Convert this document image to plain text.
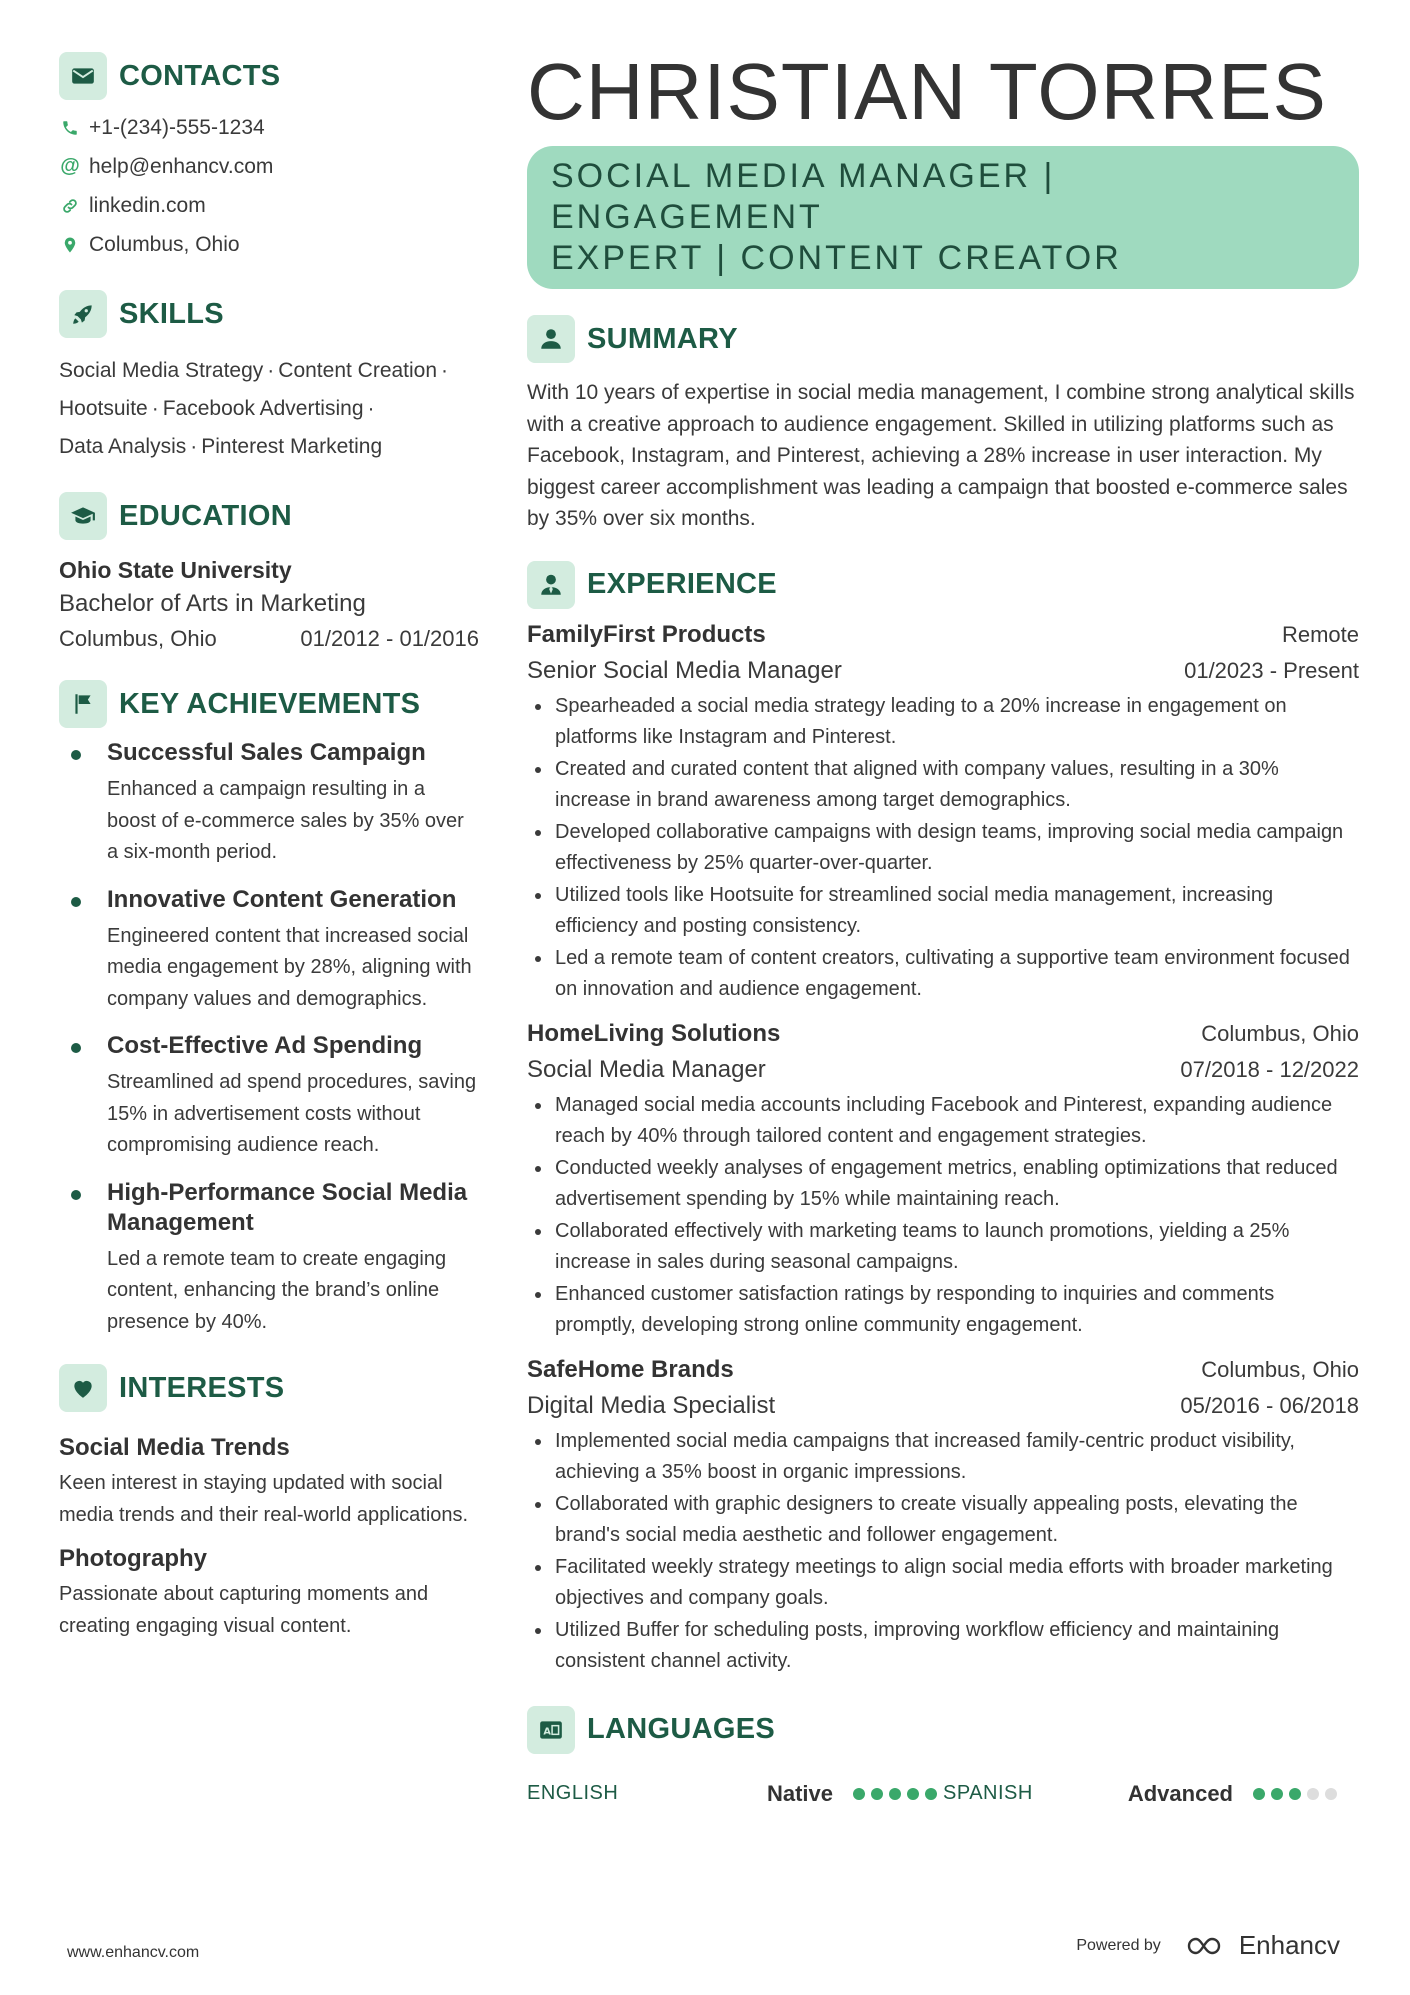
CONTACTS
+1-(234)-555-1234
@ help@enhancv.com
linkedin.com
Columbus, Ohio
SKILLS
Social Media Strategy · Content Creation ·
Hootsuite · Facebook Advertising ·
Data Analysis · Pinterest Marketing
EDUCATION
Ohio State University
Bachelor of Arts in Marketing
Columbus, Ohio	01/2012 - 01/2016
KEY ACHIEVEMENTS
Successful Sales Campaign
Enhanced a campaign resulting in a boost of e-commerce sales by 35% over a six-month period.
Innovative Content Generation
Engineered content that increased social media engagement by 28%, aligning with company values and demographics.
Cost-Effective Ad Spending
Streamlined ad spend procedures, saving 15% in advertisement costs without compromising audience reach.
High-Performance Social Media Management
Led a remote team to create engaging content, enhancing the brand’s online presence by 40%.
INTERESTS
Social Media Trends
Keen interest in staying updated with social media trends and their real-world applications.
Photography
Passionate about capturing moments and creating engaging visual content.
CHRISTIAN TORRES
SOCIAL MEDIA MANAGER | ENGAGEMENT
EXPERT | CONTENT CREATOR
SUMMARY

With 10 years of expertise in social media management, I combine strong analytical skills with a creative approach to audience engagement. Skilled in utilizing platforms such as Facebook, Instagram, and Pinterest, achieving a 28% increase in user interaction. My biggest career accomplishment was leading a campaign that boosted e-commerce sales by 35% over six months.

EXPERIENCE
FamilyFirst Products	Remote
Senior Social Media Manager	01/2023 - Present
Spearheaded a social media strategy leading to a 20% increase in engagement on platforms like Instagram and Pinterest.
Created and curated content that aligned with company values, resulting in a 30% increase in brand awareness among target demographics.
Developed collaborative campaigns with design teams, improving social media campaign effectiveness by 25% quarter-over-quarter.
Utilized tools like Hootsuite for streamlined social media management, increasing efficiency and posting consistency.
Led a remote team of content creators, cultivating a supportive team environment focused on innovation and audience engagement.
HomeLiving Solutions	Columbus, Ohio
Social Media Manager	07/2018 - 12/2022
Managed social media accounts including Facebook and Pinterest, expanding audience reach by 40% through tailored content and engagement strategies.
Conducted weekly analyses of engagement metrics, enabling optimizations that reduced advertisement spending by 15% while maintaining reach.
Collaborated effectively with marketing teams to launch promotions, yielding a 25% increase in sales during seasonal campaigns.
Enhanced customer satisfaction ratings by responding to inquiries and comments promptly, developing strong online community engagement.
SafeHome Brands	Columbus, Ohio
Digital Media Specialist	05/2016 - 06/2018
Implemented social media campaigns that increased family-centric product visibility, achieving a 35% boost in organic impressions.
Collaborated with graphic designers to create visually appealing posts, elevating the brand's social media aesthetic and follower engagement.
Facilitated weekly strategy meetings to align social media efforts with broader marketing objectives and company goals.
Utilized Buffer for scheduling posts, improving workflow efficiency and maintaining consistent channel activity.
A LANGUAGES
ENGLISH	Native	SPANISH	Advanced
www.enhancv.com	Powered by	Enhancv
